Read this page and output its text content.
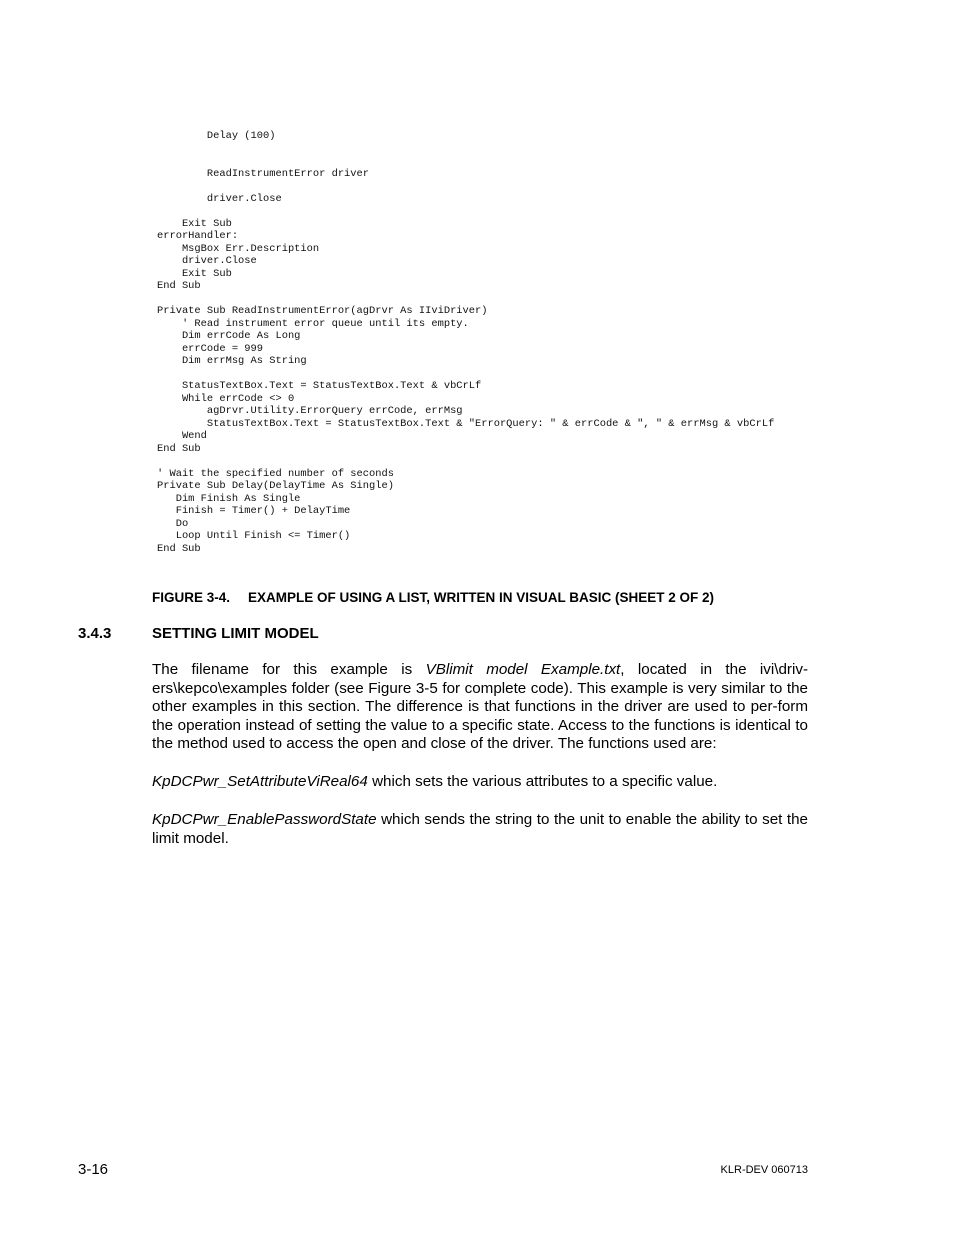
Delay (100)
ReadInstrumentError driver
driver.Close
Exit Sub
errorHandler:
MsgBox Err.Description
driver.Close
Exit Sub
End Sub
Private Sub ReadInstrumentError(agDrvr As IIviDriver)
' Read instrument error queue until its empty.
Dim errCode As Long
errCode = 999
Dim errMsg As String
StatusTextBox.Text = StatusTextBox.Text & vbCrLf
While errCode <> 0
agDrvr.Utility.ErrorQuery errCode, errMsg
StatusTextBox.Text = StatusTextBox.Text & "ErrorQuery: " & errCode & ", " & errMsg & vbCrLf
Wend
End Sub
' Wait the specified number of seconds
Private Sub Delay(DelayTime As Single)
Dim Finish As Single
Finish = Timer() + DelayTime
Do
Loop Until Finish <= Timer()
End Sub
FIGURE 3-4. EXAMPLE OF USING A LIST, WRITTEN IN VISUAL BASIC (SHEET 2 OF 2)
3.4.3	SETTING LIMIT MODEL

The filename for this example is VBlimit model Example.txt, located in the ivi\driv-ers\kepco\examples folder (see Figure 3-5 for complete code). This example is very similar to the other examples in this section. The difference is that functions in the driver are used to per-form the operation instead of setting the value to a specific state. Access to the functions is identical to the method used to access the open and close of the driver. The functions used are:

KpDCPwr_SetAttributeViReal64 which sets the various attributes to a specific value.

KpDCPwr_EnablePasswordState which sends the string to the unit to enable the ability to set the limit model.

3-16	KLR-DEV 060713
